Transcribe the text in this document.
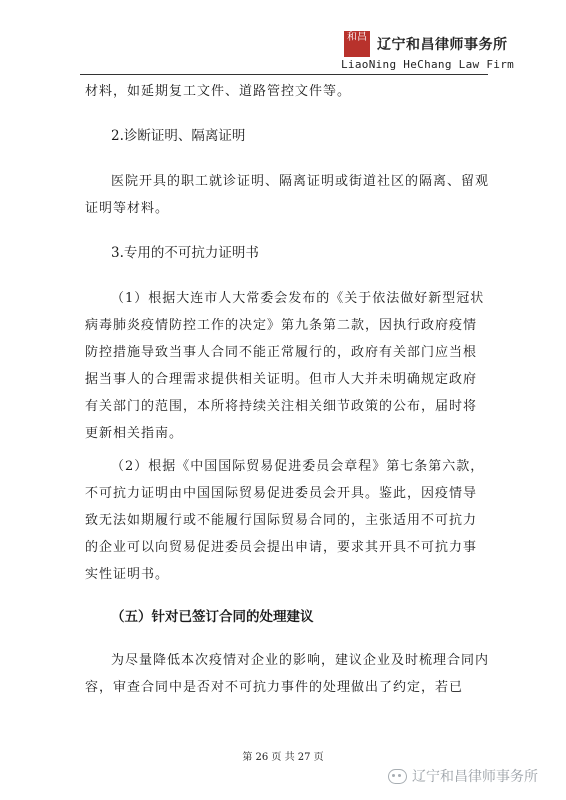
和昌 辽宁和昌律师事务所
LiaoNing HeChang Law Firm

材料，如延期复工文件、道路管控文件等。

2.诊断证明、隔离证明

医院开具的职工就诊证明、隔离证明或街道社区的隔离、留观证明等材料。

3.专用的不可抗力证明书

（1）根据大连市人大常委会发布的《关于依法做好新型冠状病毒肺炎疫情防控工作的决定》第九条第二款，因执行政府疫情防控措施导致当事人合同不能正常履行的，政府有关部门应当根据当事人的合理需求提供相关证明。但市人大并未明确规定政府有关部门的范围，本所将持续关注相关细节政策的公布，届时将更新相关指南。

（2）根据《中国国际贸易促进委员会章程》第七条第六款，不可抗力证明由中国国际贸易促进委员会开具。鉴此，因疫情导致无法如期履行或不能履行国际贸易合同的，主张适用不可抗力的企业可以向贸易促进委员会提出申请，要求其开具不可抗力事实性证明书。

（五）针对已签订合同的处理建议

为尽量降低本次疫情对企业的影响，建议企业及时梳理合同内容，审查合同中是否对不可抗力事件的处理做出了约定，若已

第 26 页 共 27 页
辽宁和昌律师事务所
